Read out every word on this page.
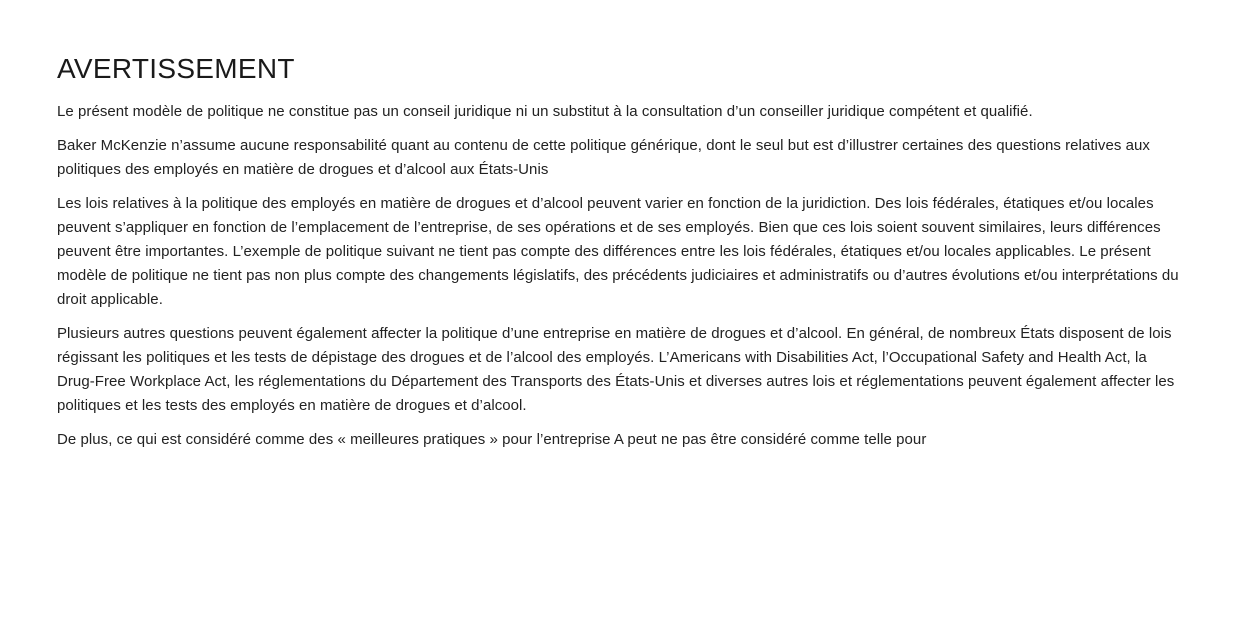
AVERTISSEMENT

Le présent modèle de politique ne constitue pas un conseil juridique ni un substitut à la consultation d’un conseiller juridique compétent et qualifié.

Baker McKenzie n’assume aucune responsabilité quant au contenu de cette politique générique, dont le seul but est d’illustrer certaines des questions relatives aux politiques des employés en matière de drogues et d’alcool aux États-Unis

Les lois relatives à la politique des employés en matière de drogues et d’alcool peuvent varier en fonction de la juridiction. Des lois fédérales, étatiques et/ou locales peuvent s’appliquer en fonction de l’emplacement de l’entreprise, de ses opérations et de ses employés. Bien que ces lois soient souvent similaires, leurs différences peuvent être importantes. L’exemple de politique suivant ne tient pas compte des différences entre les lois fédérales, étatiques et/ou locales applicables. Le présent modèle de politique ne tient pas non plus compte des changements législatifs, des précédents judiciaires et administratifs ou d’autres évolutions et/ou interprétations du droit applicable.

Plusieurs autres questions peuvent également affecter la politique d’une entreprise en matière de drogues et d’alcool. En général, de nombreux États disposent de lois régissant les politiques et les tests de dépistage des drogues et de l’alcool des employés. L’Americans with Disabilities Act, l’Occupational Safety and Health Act, la Drug-Free Workplace Act, les réglementations du Département des Transports des États-Unis et diverses autres lois et réglementations peuvent également affecter les politiques et les tests des employés en matière de drogues et d’alcool.

De plus, ce qui est considéré comme des « meilleures pratiques » pour l’entreprise A peut ne pas être considéré comme telle pour
